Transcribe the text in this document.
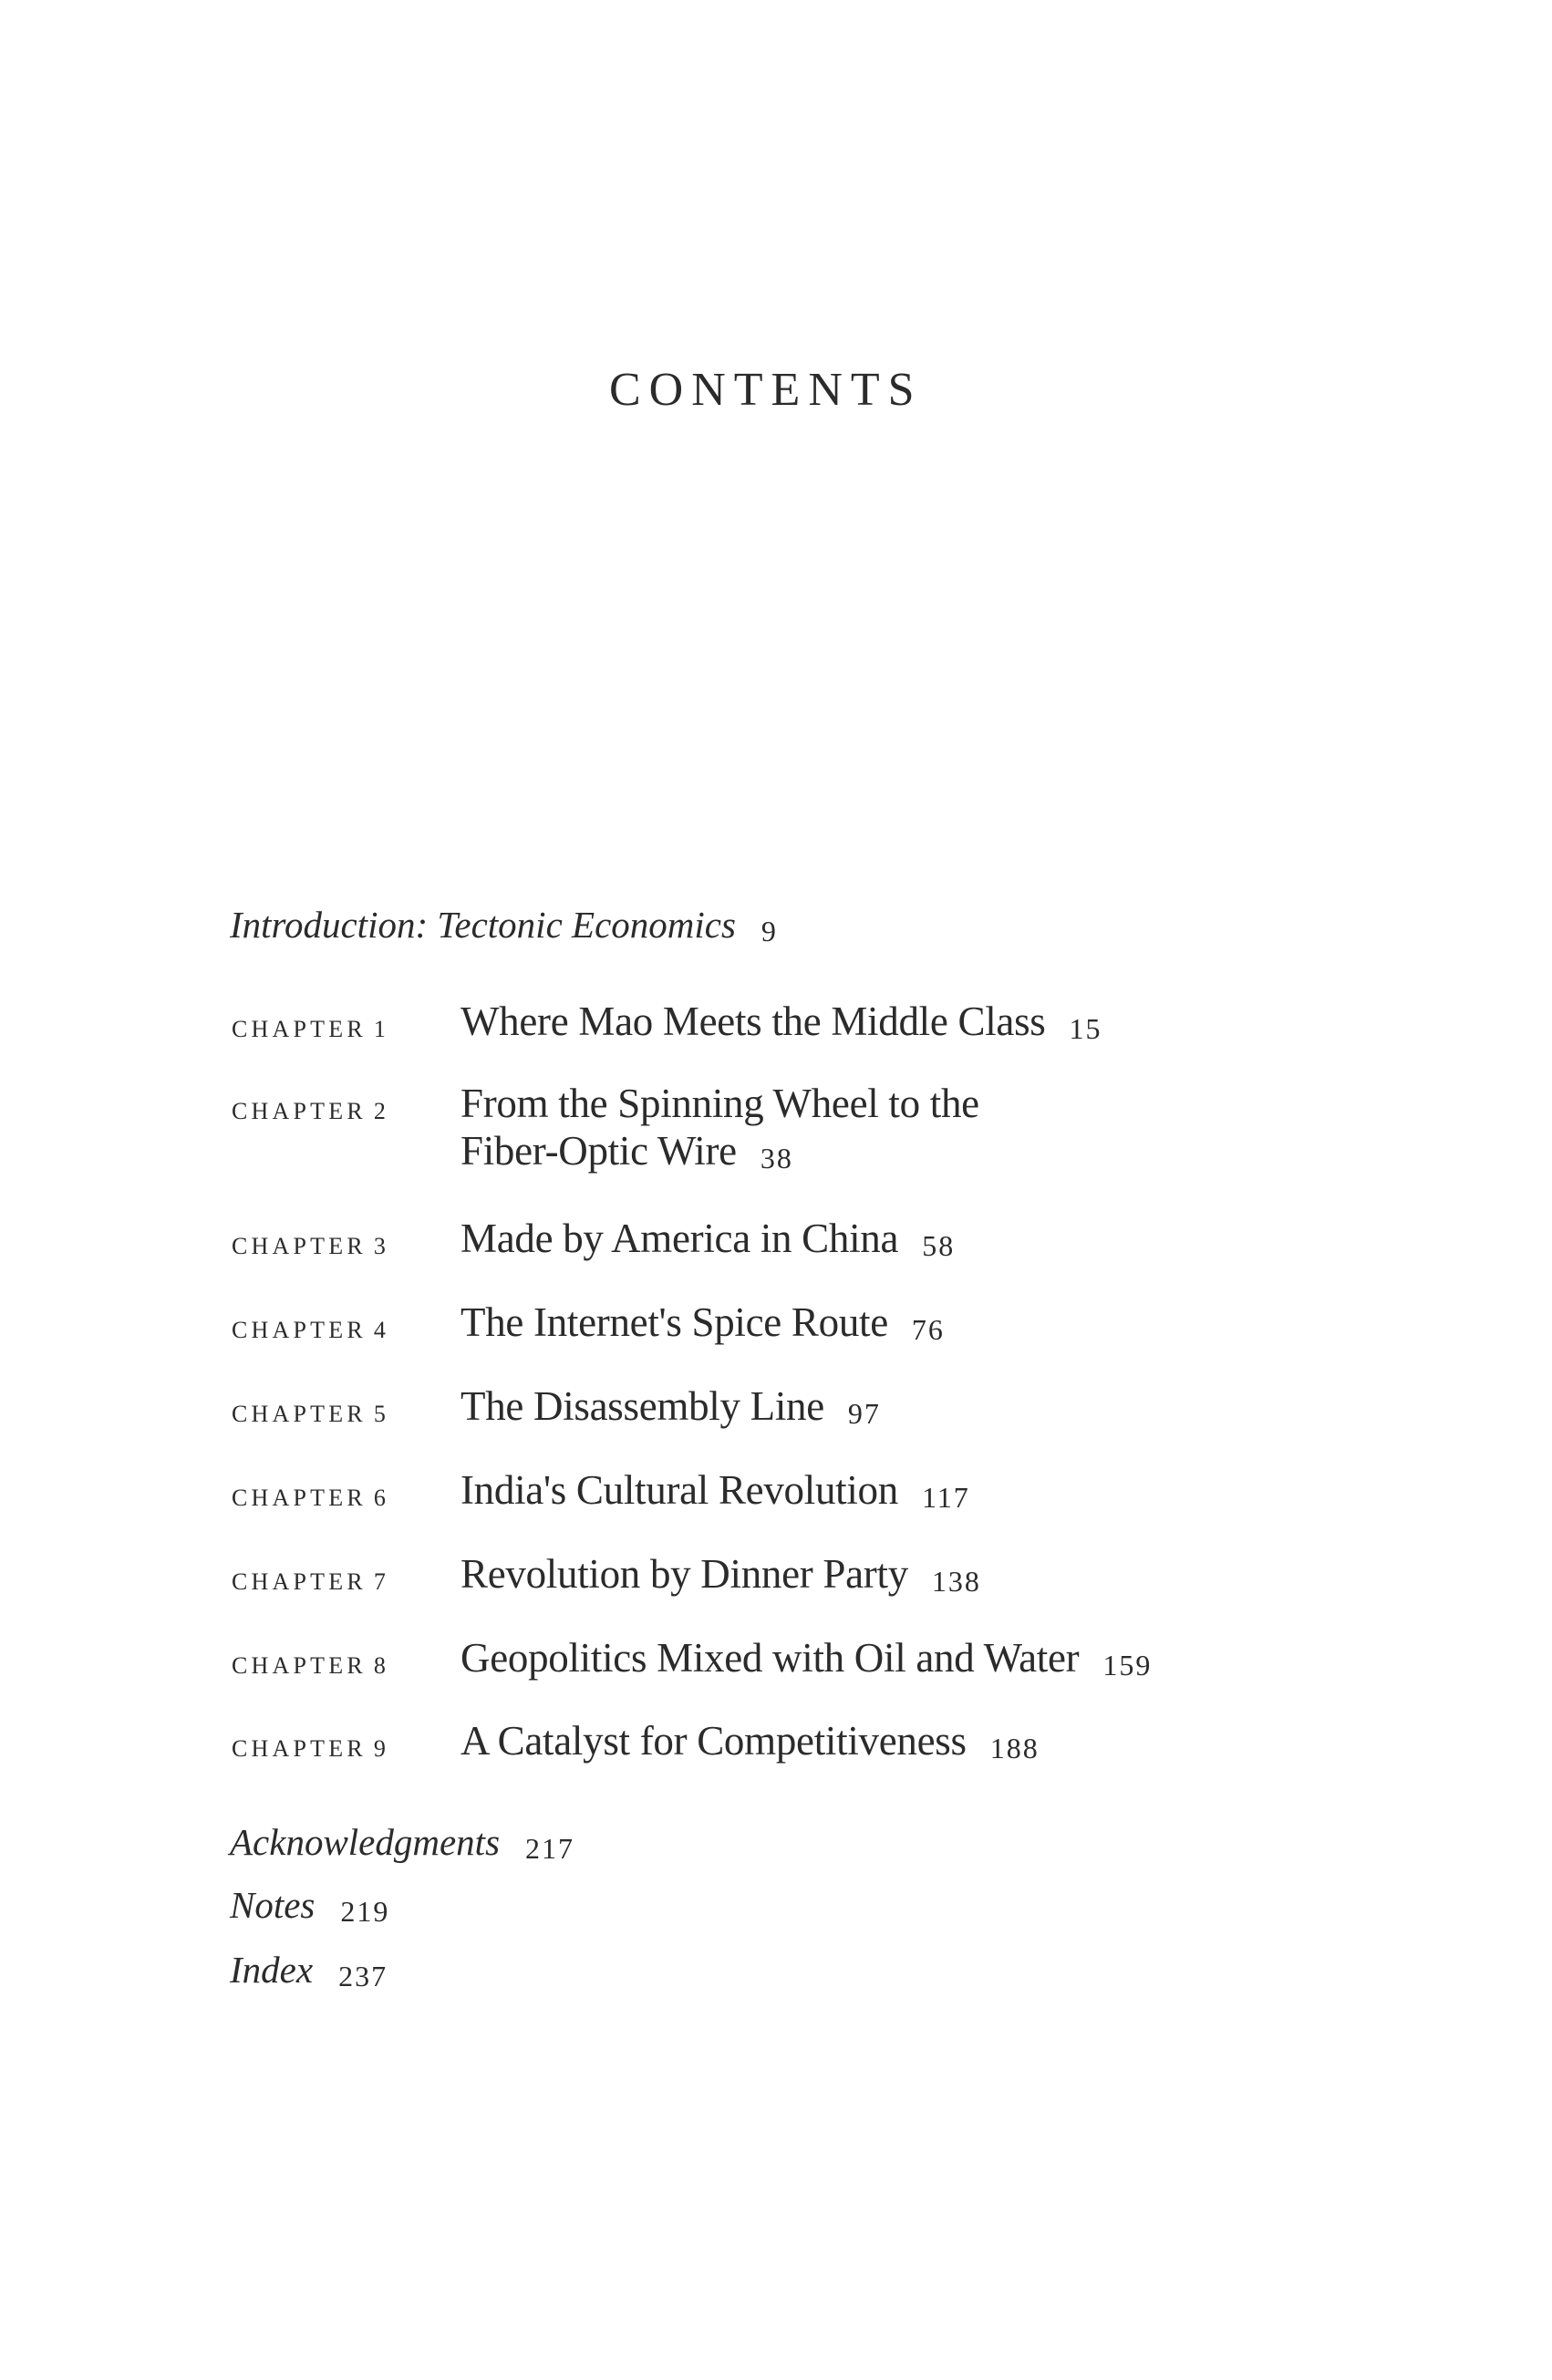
CONTENTS
Introduction: Tectonic Economics 9
CHAPTER 1 Where Mao Meets the Middle Class 15
CHAPTER 2 From the Spinning Wheel to the
Fiber-Optic Wire 38
CHAPTER 3 Made by America in China 58
CHAPTER 4 The Internet's Spice Route 76
CHAPTER 5 The Disassembly Line 97
CHAPTER 6 India's Cultural Revolution 117
CHAPTER 7 Revolution by Dinner Party 138
CHAPTER 8 Geopolitics Mixed with Oil and Water 159
CHAPTER 9 A Catalyst for Competitiveness 188
Acknowledgments 217
Notes 219
Index 237
